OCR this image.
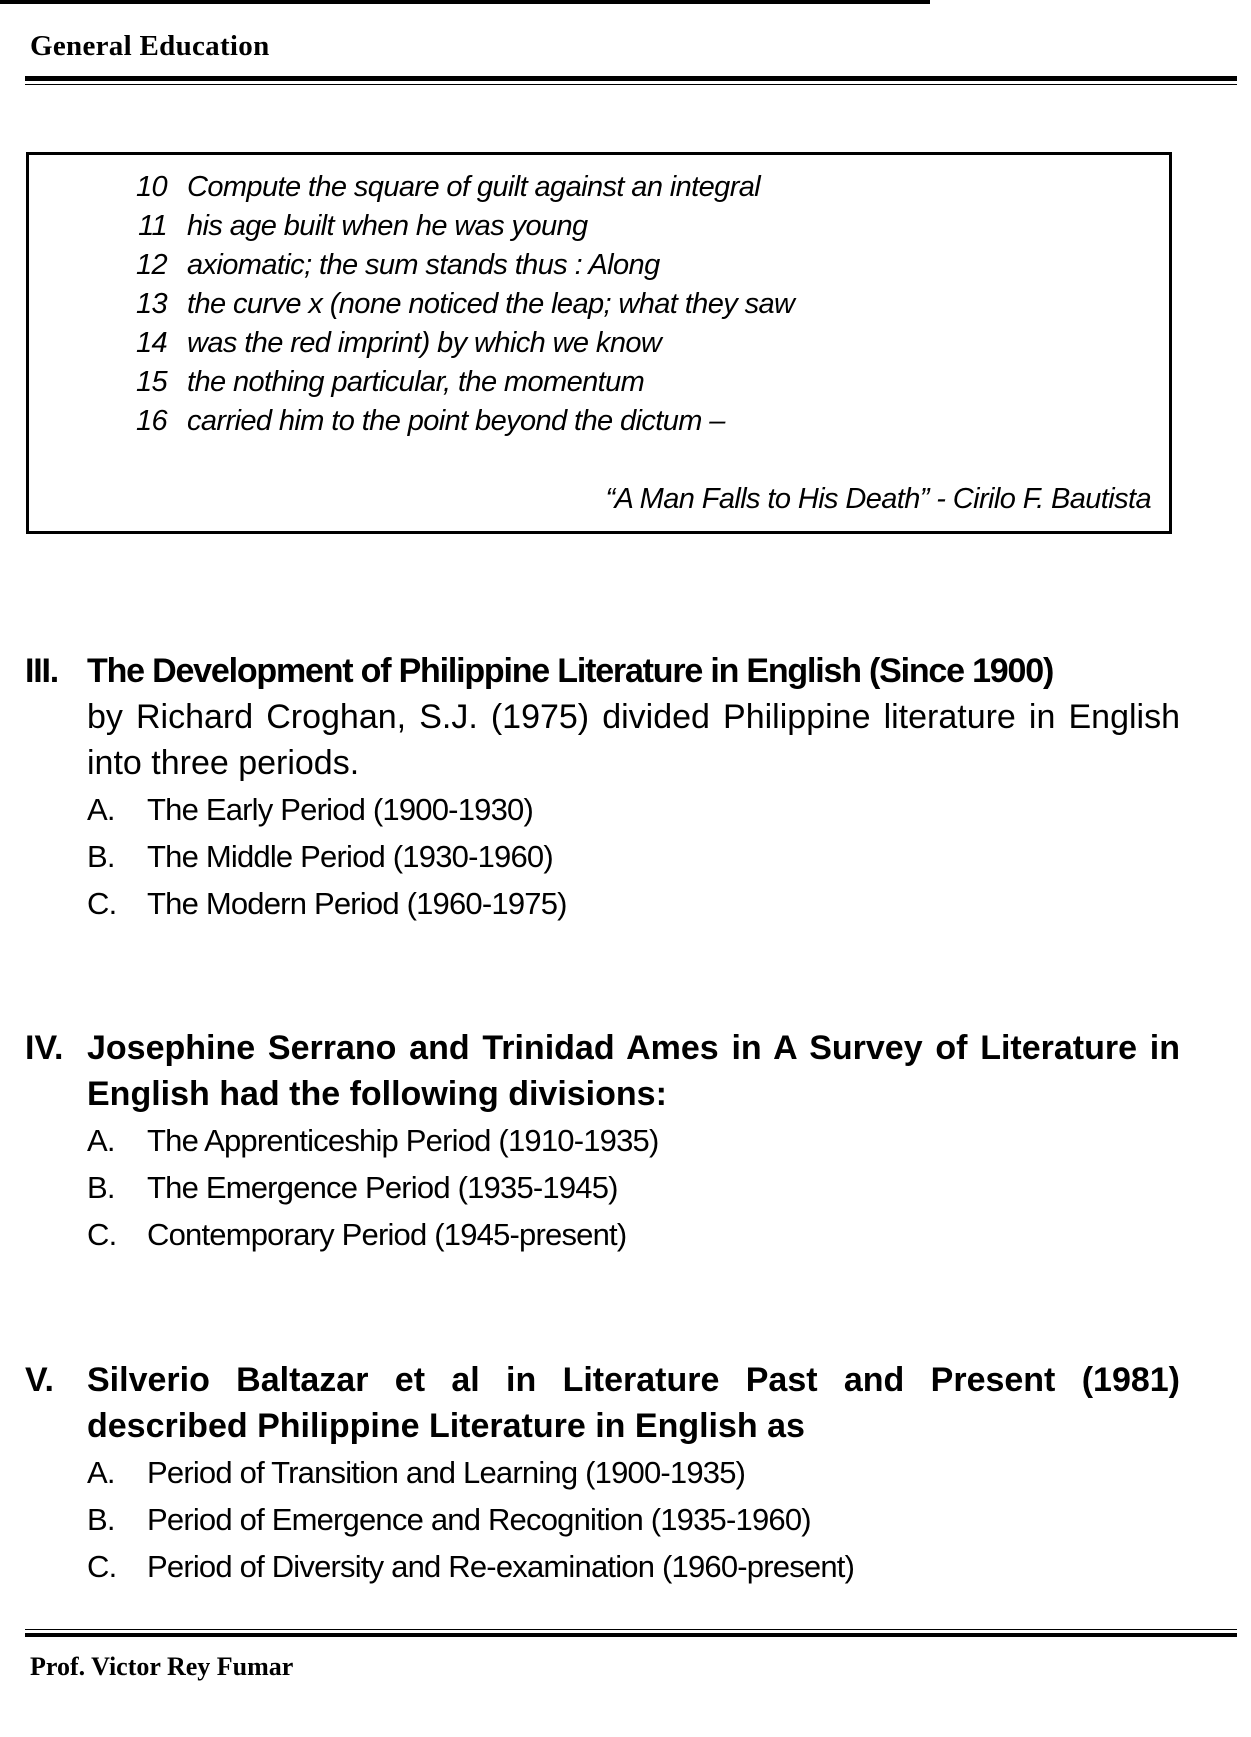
General Education
10 Compute the square of guilt against an integral
11 his age built when he was young
12 axiomatic; the sum stands thus : Along
13 the curve x (none noticed the leap; what they saw
14 was the red imprint) by which we know
15 the nothing particular, the momentum
16 carried him to the point beyond the dictum –
“A Man Falls to His Death” - Cirilo F. Bautista
III. The Development of Philippine Literature in English (Since 1900)
by Richard Croghan, S.J. (1975) divided Philippine literature in English into three periods.
A.	The Early Period (1900-1930)
B.	The Middle Period (1930-1960)
C. The Modern Period (1960-1975)
IV. Josephine Serrano and Trinidad Ames in A Survey of Literature in English had the following divisions:
A.	The Apprenticeship Period (1910-1935)
B.	The Emergence Period (1935-1945)
C. Contemporary Period (1945-present)
V. Silverio Baltazar et al in Literature Past and Present (1981) described Philippine Literature in English as
A.	Period of Transition and Learning (1900-1935)
B.	Period of Emergence and Recognition (1935-1960)
C. Period of Diversity and Re-examination (1960-present)
Prof. Victor Rey Fumar
